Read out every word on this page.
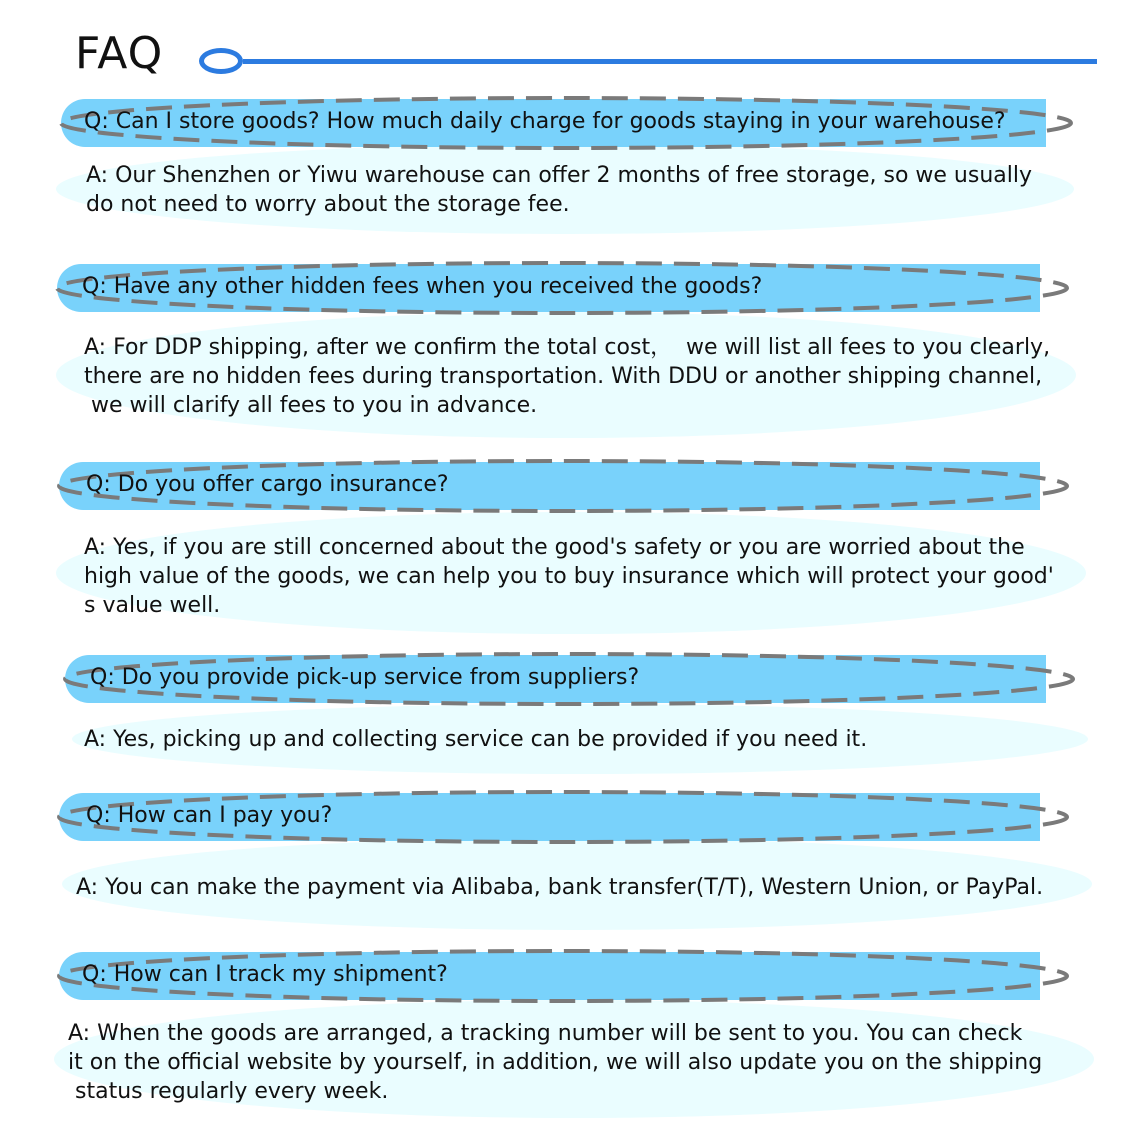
FAQ
Q: Can I store goods? How much daily charge for goods staying in your warehouse?
A: Our Shenzhen or Yiwu warehouse can offer 2 months of free storage, so we usually
do not need to worry about the storage fee.
Q: Have any other hidden fees when you received the goods?
A: For DDP shipping, after we confirm the total cost，  we will list all fees to you clearly,
there are no hidden fees during transportation. With DDU or another shipping channel,
we will clarify all fees to you in advance.
Q: Do you offer cargo insurance?
A: Yes, if you are still concerned about the good's safety or you are worried about the
high value of the goods, we can help you to buy insurance which will protect your good'
s value well.
Q: Do you provide pick-up service from suppliers?
A: Yes, picking up and collecting service can be provided if you need it.
Q: How can I pay you?
A: You can make the payment via Alibaba, bank transfer(T/T), Western Union, or PayPal.
Q: How can I track my shipment?
A: When the goods are arranged, a tracking number will be sent to you. You can check
it on the official website by yourself, in addition, we will also update you on the shipping
status regularly every week.
